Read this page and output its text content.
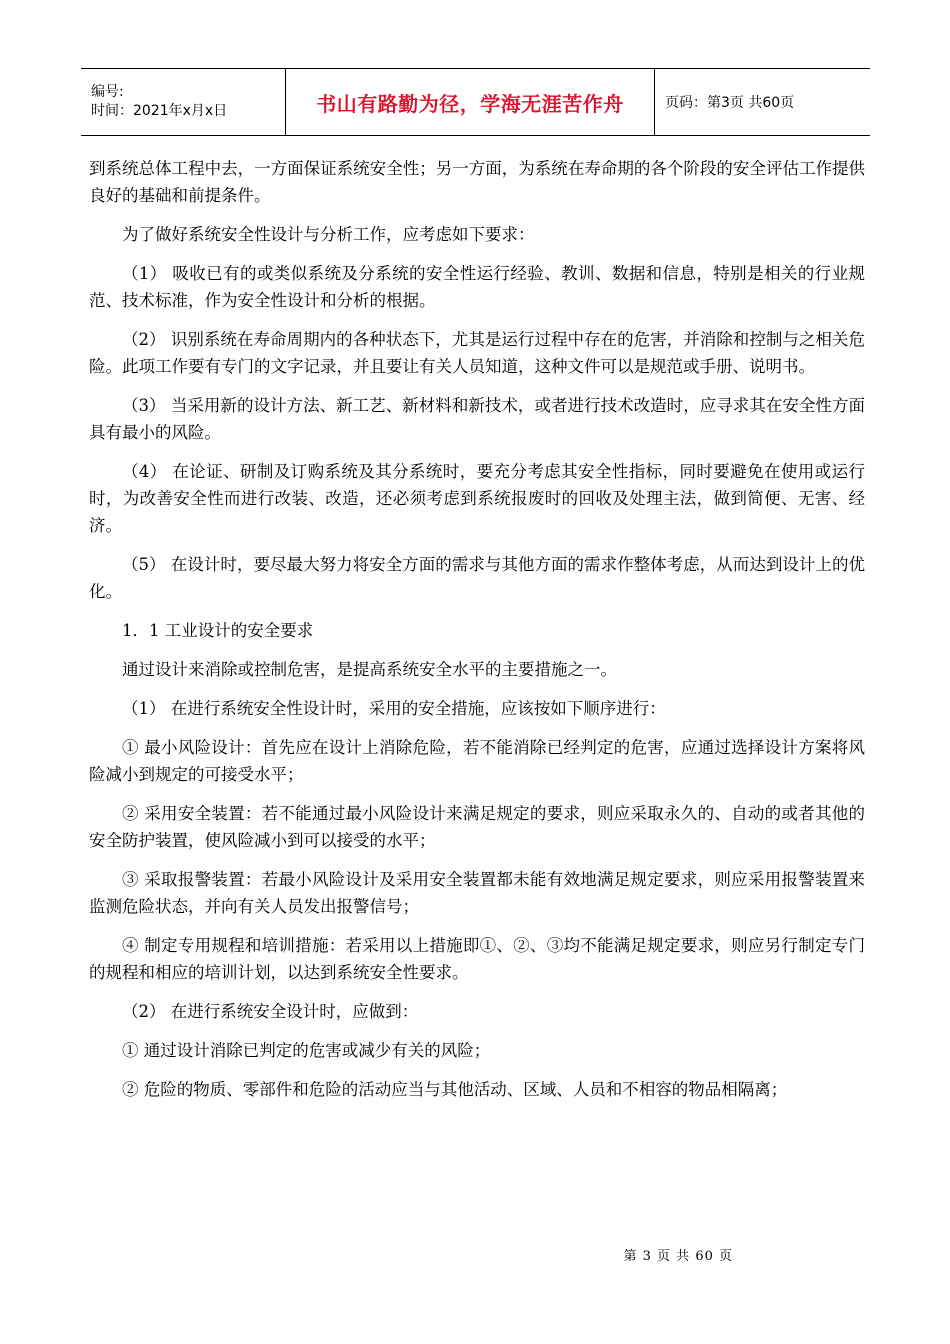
编号:
时间：2021年x月x日	书山有路勤为径，学海无涯苦作舟	页码：第3页 共60页

到系统总体工程中去，一方面保证系统安全性；另一方面，为系统在寿命期的各个阶段的安全评估工作提供良好的基础和前提条件。

为了做好系统安全性设计与分析工作，应考虑如下要求：

（1） 吸收已有的或类似系统及分系统的安全性运行经验、教训、数据和信息，特别是相关的行业规范、技术标准，作为安全性设计和分析的根据。

（2） 识别系统在寿命周期内的各种状态下，尤其是运行过程中存在的危害，并消除和控制与之相关危险。此项工作要有专门的文字记录，并且要让有关人员知道，这种文件可以是规范或手册、说明书。

（3） 当采用新的设计方法、新工艺、新材料和新技术，或者进行技术改造时，应寻求其在安全性方面具有最小的风险。

（4） 在论证、研制及订购系统及其分系统时，要充分考虑其安全性指标，同时要避免在使用或运行时，为改善安全性而进行改装、改造，还必须考虑到系统报废时的回收及处理主法，做到简便、无害、经济。

（5） 在设计时，要尽最大努力将安全方面的需求与其他方面的需求作整体考虑，从而达到设计上的优化。

1．1 工业设计的安全要求

通过设计来消除或控制危害，是提高系统安全水平的主要措施之一。

（1） 在进行系统安全性设计时，采用的安全措施，应该按如下顺序进行：

① 最小风险设计：首先应在设计上消除危险，若不能消除已经判定的危害，应通过选择设计方案将风险减小到规定的可接受水平；

② 采用安全装置：若不能通过最小风险设计来满足规定的要求，则应采取永久的、自动的或者其他的安全防护装置，使风险减小到可以接受的水平；

③ 采取报警装置：若最小风险设计及采用安全装置都未能有效地满足规定要求，则应采用报警装置来监测危险状态，并向有关人员发出报警信号；

④ 制定专用规程和培训措施：若采用以上措施即①、②、③均不能满足规定要求，则应另行制定专门的规程和相应的培训计划，以达到系统安全性要求。

（2） 在进行系统安全设计时，应做到：

① 通过设计消除已判定的危害或减少有关的风险；

② 危险的物质、零部件和危险的活动应当与其他活动、区域、人员和不相容的物品相隔离；

第 3 页 共 60 页
